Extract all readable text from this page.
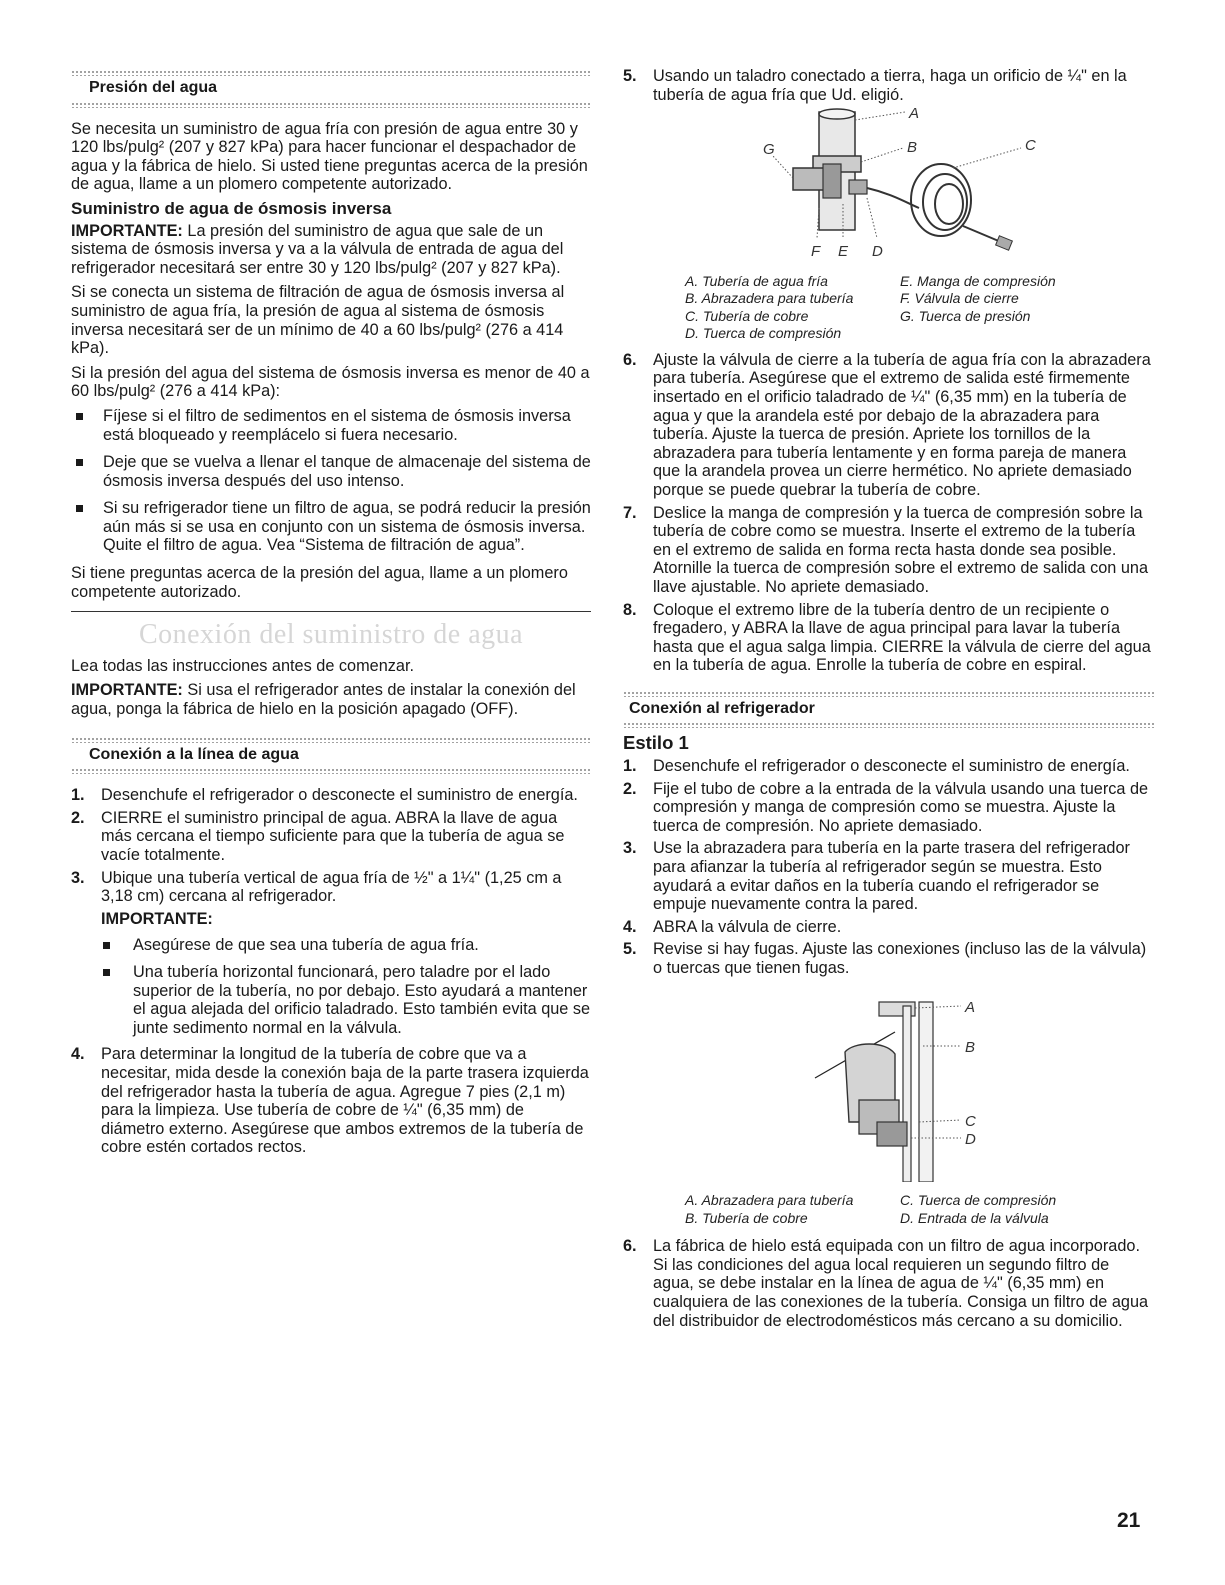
Presión del agua

Se necesita un suministro de agua fría con presión de agua entre 30 y 120 lbs/pulg² (207 y 827 kPa) para hacer funcionar el despachador de agua y la fábrica de hielo. Si usted tiene preguntas acerca de la presión de agua, llame a un plomero competente autorizado.

Suministro de agua de ósmosis inversa

IMPORTANTE: La presión del suministro de agua que sale de un sistema de ósmosis inversa y va a la válvula de entrada de agua del refrigerador necesitará ser entre 30 y 120 lbs/pulg² (207 y 827 kPa).

Si se conecta un sistema de filtración de agua de ósmosis inversa al suministro de agua fría, la presión de agua al sistema de ósmosis inversa necesitará ser de un mínimo de 40 a 60 lbs/pulg² (276 a 414 kPa).

Si la presión del agua del sistema de ósmosis inversa es menor de 40 a 60 lbs/pulg² (276 a 414 kPa):

Fíjese si el filtro de sedimentos en el sistema de ósmosis inversa está bloqueado y reemplácelo si fuera necesario.
Deje que se vuelva a llenar el tanque de almacenaje del sistema de ósmosis inversa después del uso intenso.
Si su refrigerador tiene un filtro de agua, se podrá reducir la presión aún más si se usa en conjunto con un sistema de ósmosis inversa. Quite el filtro de agua. Vea “Sistema de filtración de agua”.

Si tiene preguntas acerca de la presión del agua, llame a un plomero competente autorizado.

Conexión del suministro de agua

Lea todas las instrucciones antes de comenzar.

IMPORTANTE: Si usa el refrigerador antes de instalar la conexión del agua, ponga la fábrica de hielo en la posición apagado (OFF).

Conexión a la línea de agua
1. Desenchufe el refrigerador o desconecte el suministro de energía.
2. CIERRE el suministro principal de agua. ABRA la llave de agua más cercana el tiempo suficiente para que la tubería de agua se vacíe totalmente.
3. Ubique una tubería vertical de agua fría de ½" a 1¼" (1,25 cm a 3,18 cm) cercana al refrigerador.
IMPORTANTE:
Asegúrese de que sea una tubería de agua fría.
Una tubería horizontal funcionará, pero taladre por el lado superior de la tubería, no por debajo. Esto ayudará a mantener el agua alejada del orificio taladrado. Esto también evita que se junte sedimento normal en la válvula.
4. Para determinar la longitud de la tubería de cobre que va a necesitar, mida desde la conexión baja de la parte trasera izquierda del refrigerador hasta la tubería de agua. Agregue 7 pies (2,1 m) para la limpieza. Use tubería de cobre de ¼" (6,35 mm) de diámetro externo. Asegúrese que ambos extremos de la tubería de cobre estén cortados rectos.
5. Usando un taladro conectado a tierra, haga un orificio de ¼" en la tubería de agua fría que Ud. eligió.
A
B	C
G
F E D
A. Tubería de agua fría	E. Manga de compresión
B. Abrazadera para tubería	F. Válvula de cierre
C. Tubería de cobre	G. Tuerca de presión
D. Tuerca de compresión	
6. Ajuste la válvula de cierre a la tubería de agua fría con la abrazadera para tubería. Asegúrese que el extremo de salida esté firmemente insertado en el orificio taladrado de ¼" (6,35 mm) en la tubería de agua y que la arandela esté por debajo de la abrazadera para tubería. Ajuste la tuerca de presión. Apriete los tornillos de la abrazadera para tubería lentamente y en forma pareja de manera que la arandela provea un cierre hermético. No apriete demasiado porque se puede quebrar la tubería de cobre.
7. Deslice la manga de compresión y la tuerca de compresión sobre la tubería de cobre como se muestra. Inserte el extremo de la tubería en el extremo de salida en forma recta hasta donde sea posible. Atornille la tuerca de compresión sobre el extremo de salida con una llave ajustable. No apriete demasiado.
8. Coloque el extremo libre de la tubería dentro de un recipiente o fregadero, y ABRA la llave de agua principal para lavar la tubería hasta que el agua salga limpia. CIERRE la válvula de cierre del agua en la tubería de agua. Enrolle la tubería de cobre en espiral.
Conexión al refrigerador
Estilo 1
1. Desenchufe el refrigerador o desconecte el suministro de energía.
2. Fije el tubo de cobre a la entrada de la válvula usando una tuerca de compresión y manga de compresión como se muestra. Ajuste la tuerca de compresión. No apriete demasiado.
3. Use la abrazadera para tubería en la parte trasera del refrigerador para afianzar la tubería al refrigerador según se muestra. Esto ayudará a evitar daños en la tubería cuando el refrigerador se empuje nuevamente contra la pared.
4. ABRA la válvula de cierre.
5. Revise si hay fugas. Ajuste las conexiones (incluso las de la válvula) o tuercas que tienen fugas.
A
B
C
D
A. Abrazadera para tubería	C. Tuerca de compresión
B. Tubería de cobre	D. Entrada de la válvula
6. La fábrica de hielo está equipada con un filtro de agua incorporado. Si las condiciones del agua local requieren un segundo filtro de agua, se debe instalar en la línea de agua de ¼" (6,35 mm) en cualquiera de las conexiones de la tubería. Consiga un filtro de agua del distribuidor de electrodomésticos más cercano a su domicilio.
21
